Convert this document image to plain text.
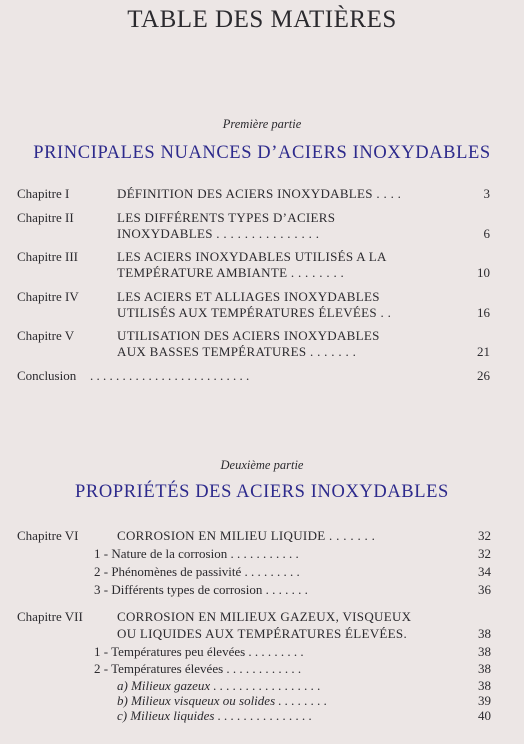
TABLE DES MATIÈRES
Première partie
PRINCIPALES NUANCES D’ACIERS INOXYDABLES
Chapitre I	DÉFINITION DES ACIERS INOXYDABLES . . . .	3
Chapitre II	LES DIFFÉRENTS TYPES D’ACIERS
INOXYDABLES . . . . . . . . . . . . . . .	6
Chapitre III	LES ACIERS INOXYDABLES UTILISÉS A LA
TEMPÉRATURE AMBIANTE . . . . . . . .	10
Chapitre IV	LES ACIERS ET ALLIAGES INOXYDABLES
UTILISÉS AUX TEMPÉRATURES ÉLEVÉES . .	16
Chapitre V	UTILISATION DES ACIERS INOXYDABLES
AUX BASSES TEMPÉRATURES . . . . . . .	21
Conclusion . . . . . . . . . . . . . . . . . . . . . . . . .	26
Deuxième partie
PROPRIÉTÉS DES ACIERS INOXYDABLES
Chapitre VI	CORROSION EN MILIEU LIQUIDE . . . . . . .	32
1 - Nature de la corrosion . . . . . . . . . . .	32
2 - Phénomènes de passivité . . . . . . . . .	34
3 - Différents types de corrosion . . . . . . .	36
Chapitre VII	CORROSION EN MILIEUX GAZEUX, VISQUEUX
OU LIQUIDES AUX TEMPÉRATURES ÉLEVÉES.	38
1 - Températures peu élevées . . . . . . . . .	38
2 - Températures élevées . . . . . . . . . . . .	38
a) Milieux gazeux . . . . . . . . . . . . . . . . .	38
b) Milieux visqueux ou solides . . . . . . . .	39
c) Milieux liquides . . . . . . . . . . . . . . .	40
